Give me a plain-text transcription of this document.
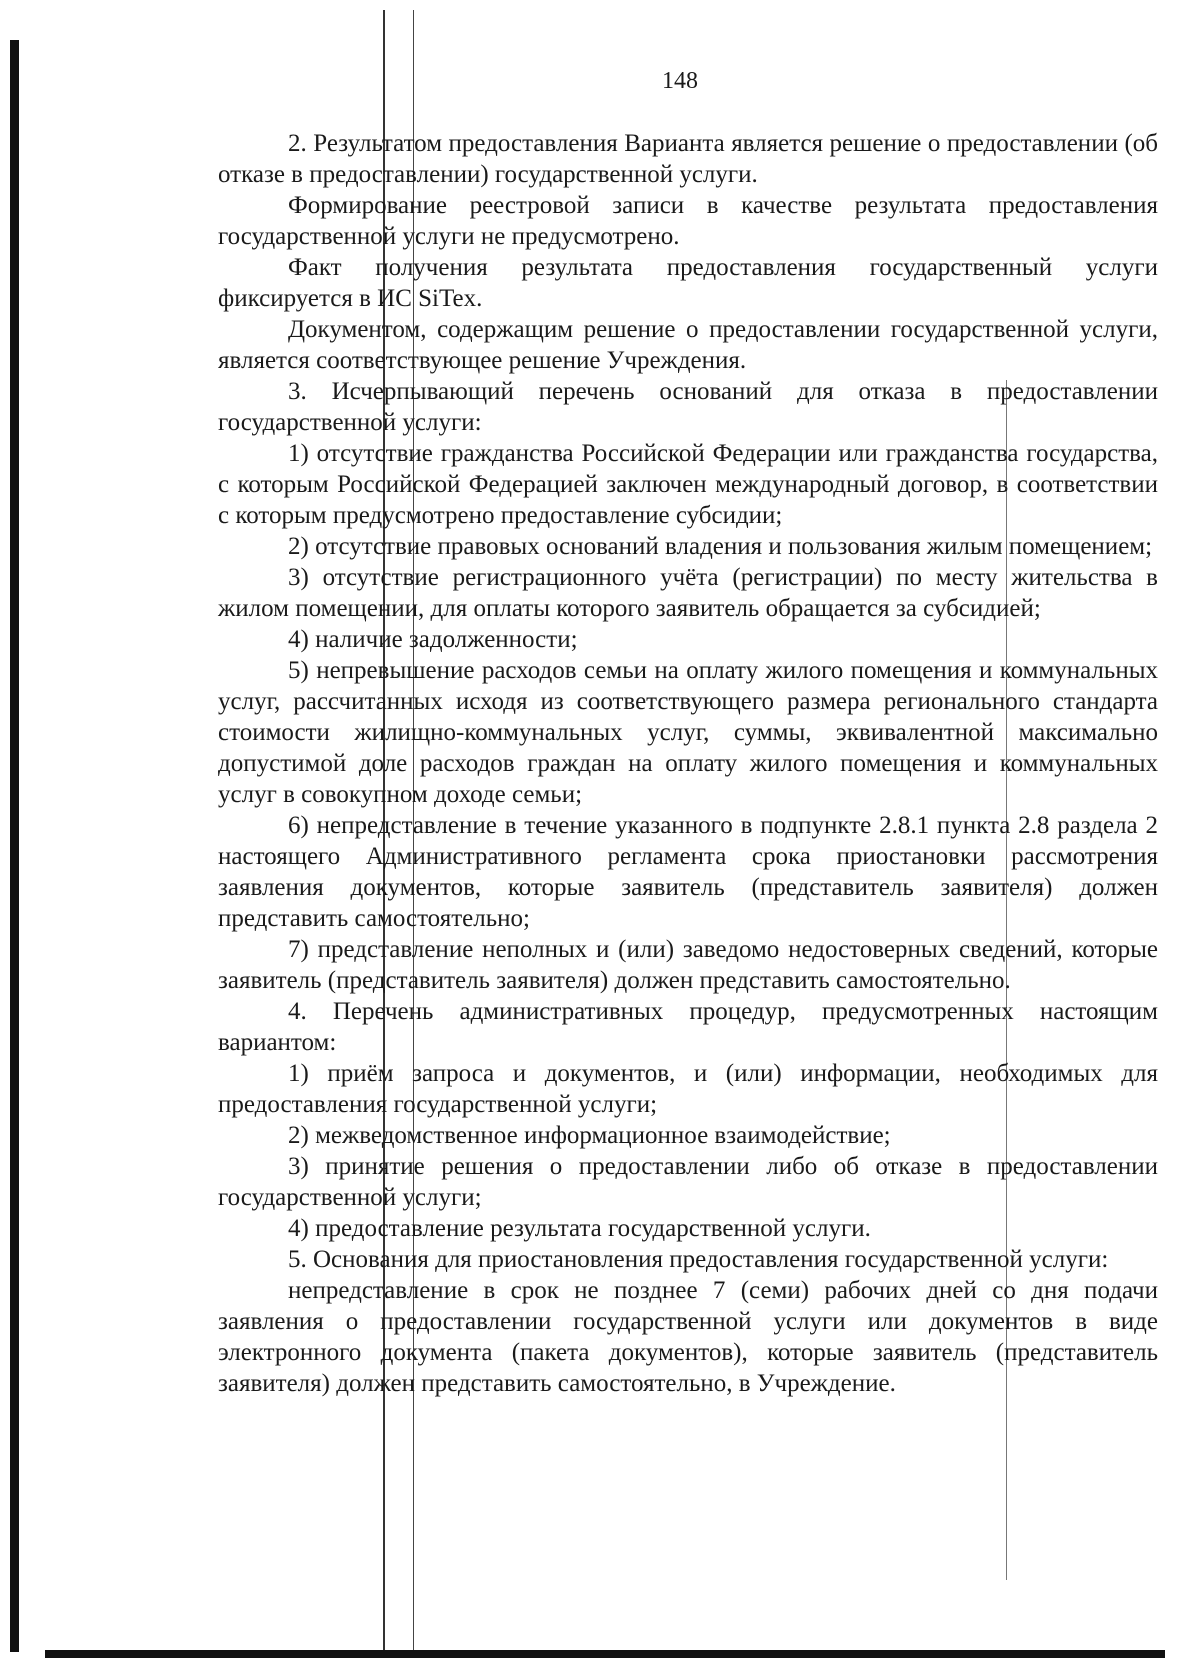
148

2. Результатом предоставления Варианта является решение о предоставлении (об отказе в предоставлении) государственной услуги.

Формирование реестровой записи в качестве результата предоставления государственной услуги не предусмотрено.

Факт получения результата предоставления государственный услуги фиксируется в ИС SiTex.

Документом, содержащим решение о предоставлении государственной услуги, является соответствующее решение Учреждения.

3. Исчерпывающий перечень оснований для отказа в предоставлении государственной услуги:

1) отсутствие гражданства Российской Федерации или гражданства государства, с которым Российской Федерацией заключен международный договор, в соответствии с которым предусмотрено предоставление субсидии;

2) отсутствие правовых оснований владения и пользования жилым помещением;

3) отсутствие регистрационного учёта (регистрации) по месту жительства в жилом помещении, для оплаты которого заявитель обращается за субсидией;

4) наличие задолженности;

5) непревышение расходов семьи на оплату жилого помещения и коммунальных услуг, рассчитанных исходя из соответствующего размера регионального стандарта стоимости жилищно-коммунальных услуг, суммы, эквивалентной максимально допустимой доле расходов граждан на оплату жилого помещения и коммунальных услуг в совокупном доходе семьи;

6) непредставление в течение указанного в подпункте 2.8.1 пункта 2.8 раздела 2 настоящего Административного регламента срока приостановки рассмотрения заявления документов, которые заявитель (представитель заявителя) должен представить самостоятельно;

7) представление неполных и (или) заведомо недостоверных сведений, которые заявитель (представитель заявителя) должен представить самостоятельно.

4. Перечень административных процедур, предусмотренных настоящим вариантом:

1) приём запроса и документов, и (или) информации, необходимых для предоставления государственной услуги;

2) межведомственное информационное взаимодействие;

3) принятие решения о предоставлении либо об отказе в предоставлении государственной услуги;

4) предоставление результата государственной услуги.

5. Основания для приостановления предоставления государственной услуги:

непредставление в срок не позднее 7 (семи) рабочих дней со дня подачи заявления о предоставлении государственной услуги или документов в виде электронного документа (пакета документов), которые заявитель (представитель заявителя) должен представить самостоятельно, в Учреждение.
